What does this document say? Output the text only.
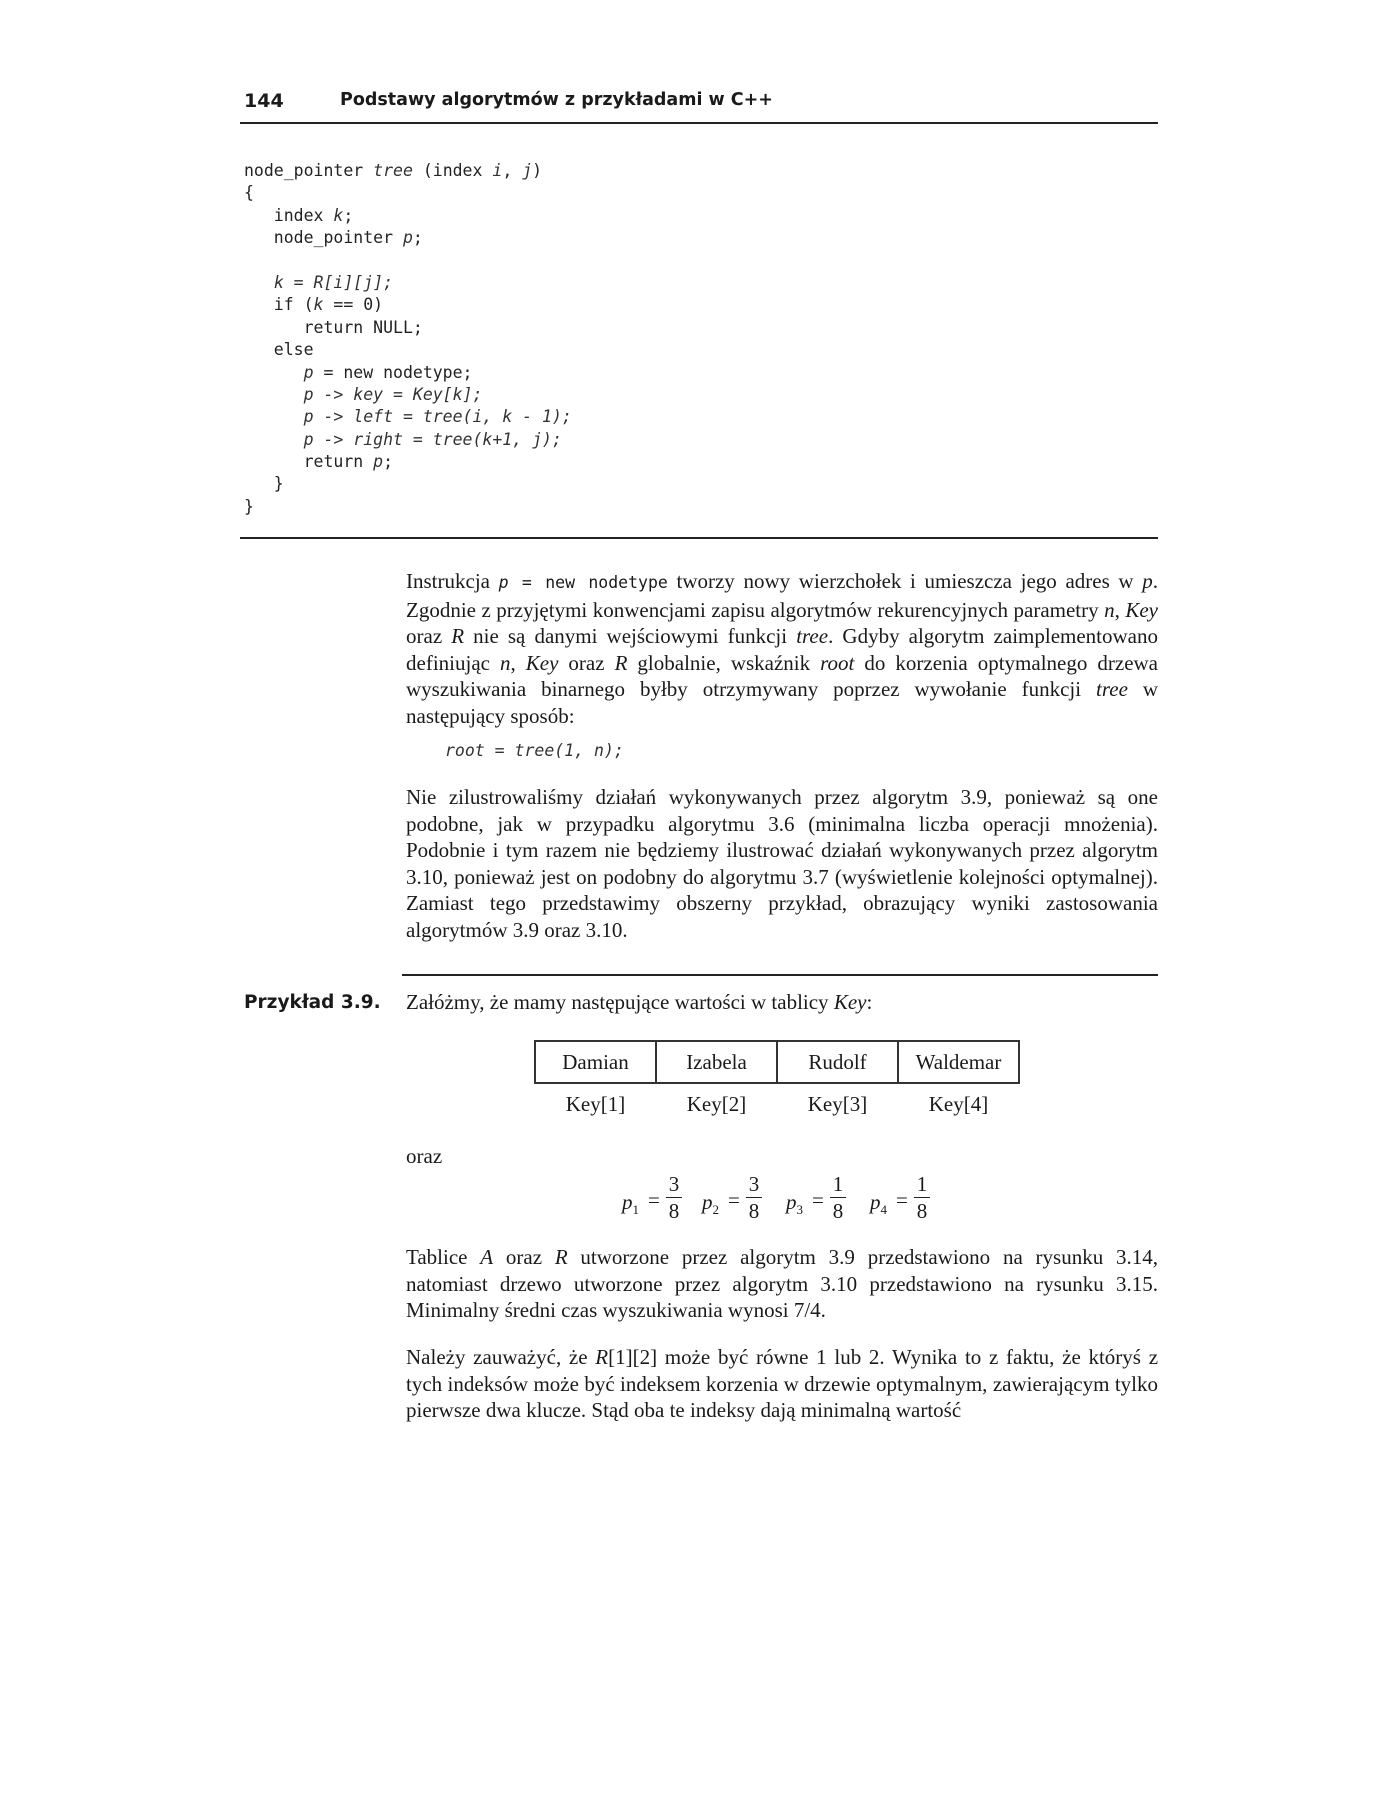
144	Podstawy algorytmów z przykładami w C++
node_pointer tree (index i, j)
{
index k;
node_pointer p;
k = R[i][j];
if (k == 0)
return NULL;
else
p = new nodetype;
p -> key = Key[k];
p -> left = tree(i, k - 1);
p -> right = tree(k+1, j);
return p;
}
}
Instrukcja p = new nodetype tworzy nowy wierzchołek i umieszcza jego adres w p. Zgodnie z przyjętymi konwencjami zapisu algorytmów rekurencyjnych parametry n, Key oraz R nie są danymi wejściowymi funkcji tree. Gdyby algorytm zaimplementowano definiując n, Key oraz R globalnie, wskaźnik root do korzenia optymalnego drzewa wyszukiwania binarnego byłby otrzymywany poprzez wywołanie funkcji tree w następujący sposób:
root = tree(1, n);
Nie zilustrowaliśmy działań wykonywanych przez algorytm 3.9, ponieważ są one podobne, jak w przypadku algorytmu 3.6 (minimalna liczba operacji mnożenia). Podobnie i tym razem nie będziemy ilustrować działań wykonywanych przez algorytm 3.10, ponieważ jest on podobny do algorytmu 3.7 (wyświetlenie kolejności optymalnej). Zamiast tego przedstawimy obszerny przykład, obrazujący wyniki zastosowania algorytmów 3.9 oraz 3.10.
Przykład 3.9. Załóżmy, że mamy następujące wartości w tablicy Key:
Damian	Izabela	Rudolf	Waldemar
Key[1]	Key[2]	Key[3]	Key[4]
oraz
$p_1$ =
3
8 $p_2$ =
3
8 $p_3$ =
1
8 $p_4$ =
1
8
Tablice A oraz R utworzone przez algorytm 3.9 przedstawiono na rysunku 3.14, natomiast drzewo utworzone przez algorytm 3.10 przedstawiono na rysunku 3.15. Minimalny średni czas wyszukiwania wynosi 7/4.
Należy zauważyć, że R[1][2] może być równe 1 lub 2. Wynika to z faktu, że któryś z tych indeksów może być indeksem korzenia w drzewie optymalnym, zawierającym tylko pierwsze dwa klucze. Stąd oba te indeksy dają minimalną wartość
